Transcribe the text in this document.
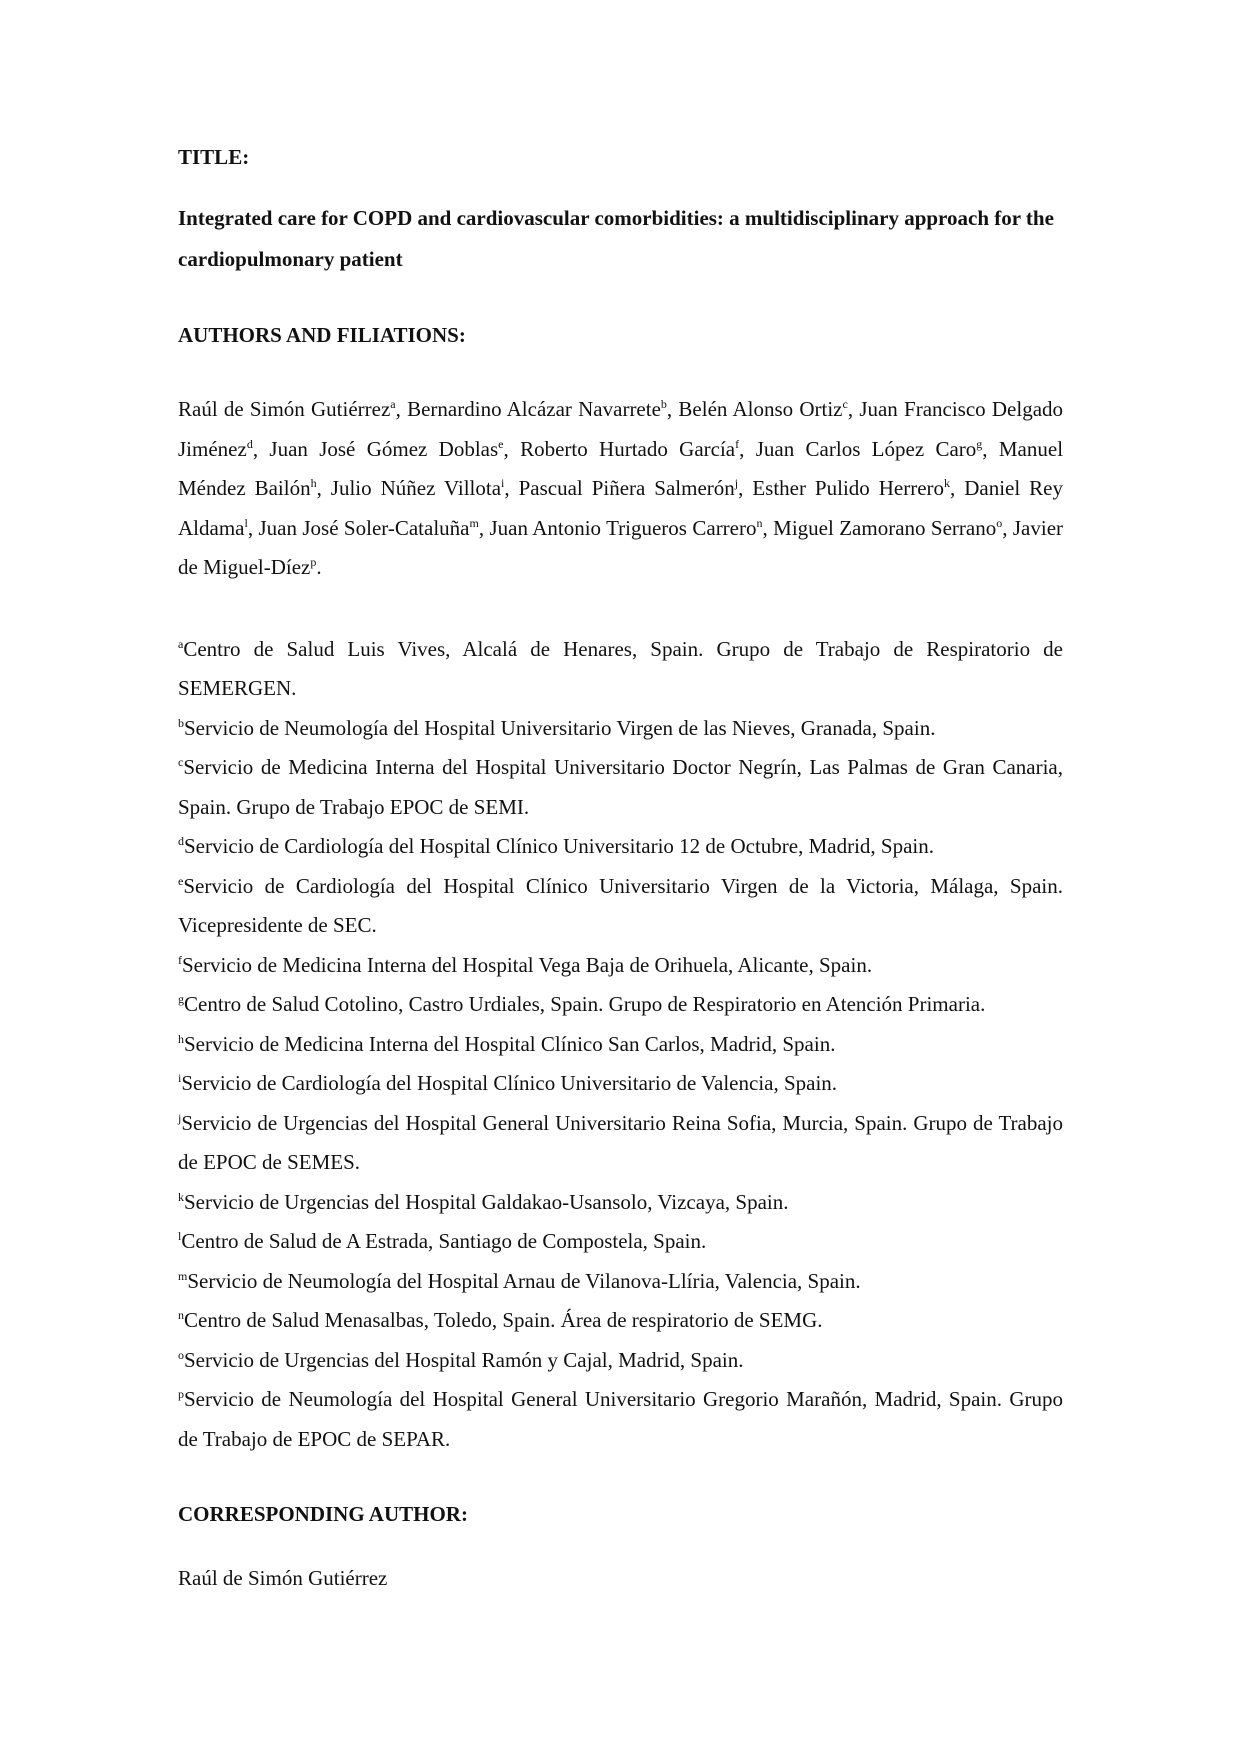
TITLE:

Integrated care for COPD and cardiovascular comorbidities: a multidisciplinary approach for the cardiopulmonary patient

AUTHORS AND FILIATIONS:

Raúl de Simón Gutiérrez$^a$, Bernardino Alcázar Navarrete$^b$, Belén Alonso Ortiz$^c$, Juan Francisco Delgado Jiménez$^d$, Juan José Gómez Doblas$^e$, Roberto Hurtado García$^f$, Juan Carlos López Caro$^g$, Manuel Méndez Bailón$^h$, Julio Núñez Villota$^i$, Pascual Piñera Salmerón$^j$, Esther Pulido Herrero$^k$, Daniel Rey Aldama$^l$, Juan José Soler-Cataluña$^m$, Juan Antonio Trigueros Carrero$^n$, Miguel Zamorano Serrano$^o$, Javier de Miguel-Díez$^p$.

$^a$Centro de Salud Luis Vives, Alcalá de Henares, Spain. Grupo de Trabajo de Respiratorio de SEMERGEN.

$^b$Servicio de Neumología del Hospital Universitario Virgen de las Nieves, Granada, Spain.

$^c$Servicio de Medicina Interna del Hospital Universitario Doctor Negrín, Las Palmas de Gran Canaria, Spain. Grupo de Trabajo EPOC de SEMI.

$^d$Servicio de Cardiología del Hospital Clínico Universitario 12 de Octubre, Madrid, Spain.

$^e$Servicio de Cardiología del Hospital Clínico Universitario Virgen de la Victoria, Málaga, Spain. Vicepresidente de SEC.

$^f$Servicio de Medicina Interna del Hospital Vega Baja de Orihuela, Alicante, Spain.

$^g$Centro de Salud Cotolino, Castro Urdiales, Spain. Grupo de Respiratorio en Atención Primaria.

$^h$Servicio de Medicina Interna del Hospital Clínico San Carlos, Madrid, Spain.

$^i$Servicio de Cardiología del Hospital Clínico Universitario de Valencia, Spain.

$^j$Servicio de Urgencias del Hospital General Universitario Reina Sofia, Murcia, Spain. Grupo de Trabajo de EPOC de SEMES.

$^k$Servicio de Urgencias del Hospital Galdakao-Usansolo, Vizcaya, Spain.

$^l$Centro de Salud de A Estrada, Santiago de Compostela, Spain.

$^m$Servicio de Neumología del Hospital Arnau de Vilanova-Llíria, Valencia, Spain.

$^n$Centro de Salud Menasalbas, Toledo, Spain. Área de respiratorio de SEMG.

$^o$Servicio de Urgencias del Hospital Ramón y Cajal, Madrid, Spain.

$^p$Servicio de Neumología del Hospital General Universitario Gregorio Marañón, Madrid, Spain. Grupo de Trabajo de EPOC de SEPAR.

CORRESPONDING AUTHOR:

Raúl de Simón Gutiérrez
